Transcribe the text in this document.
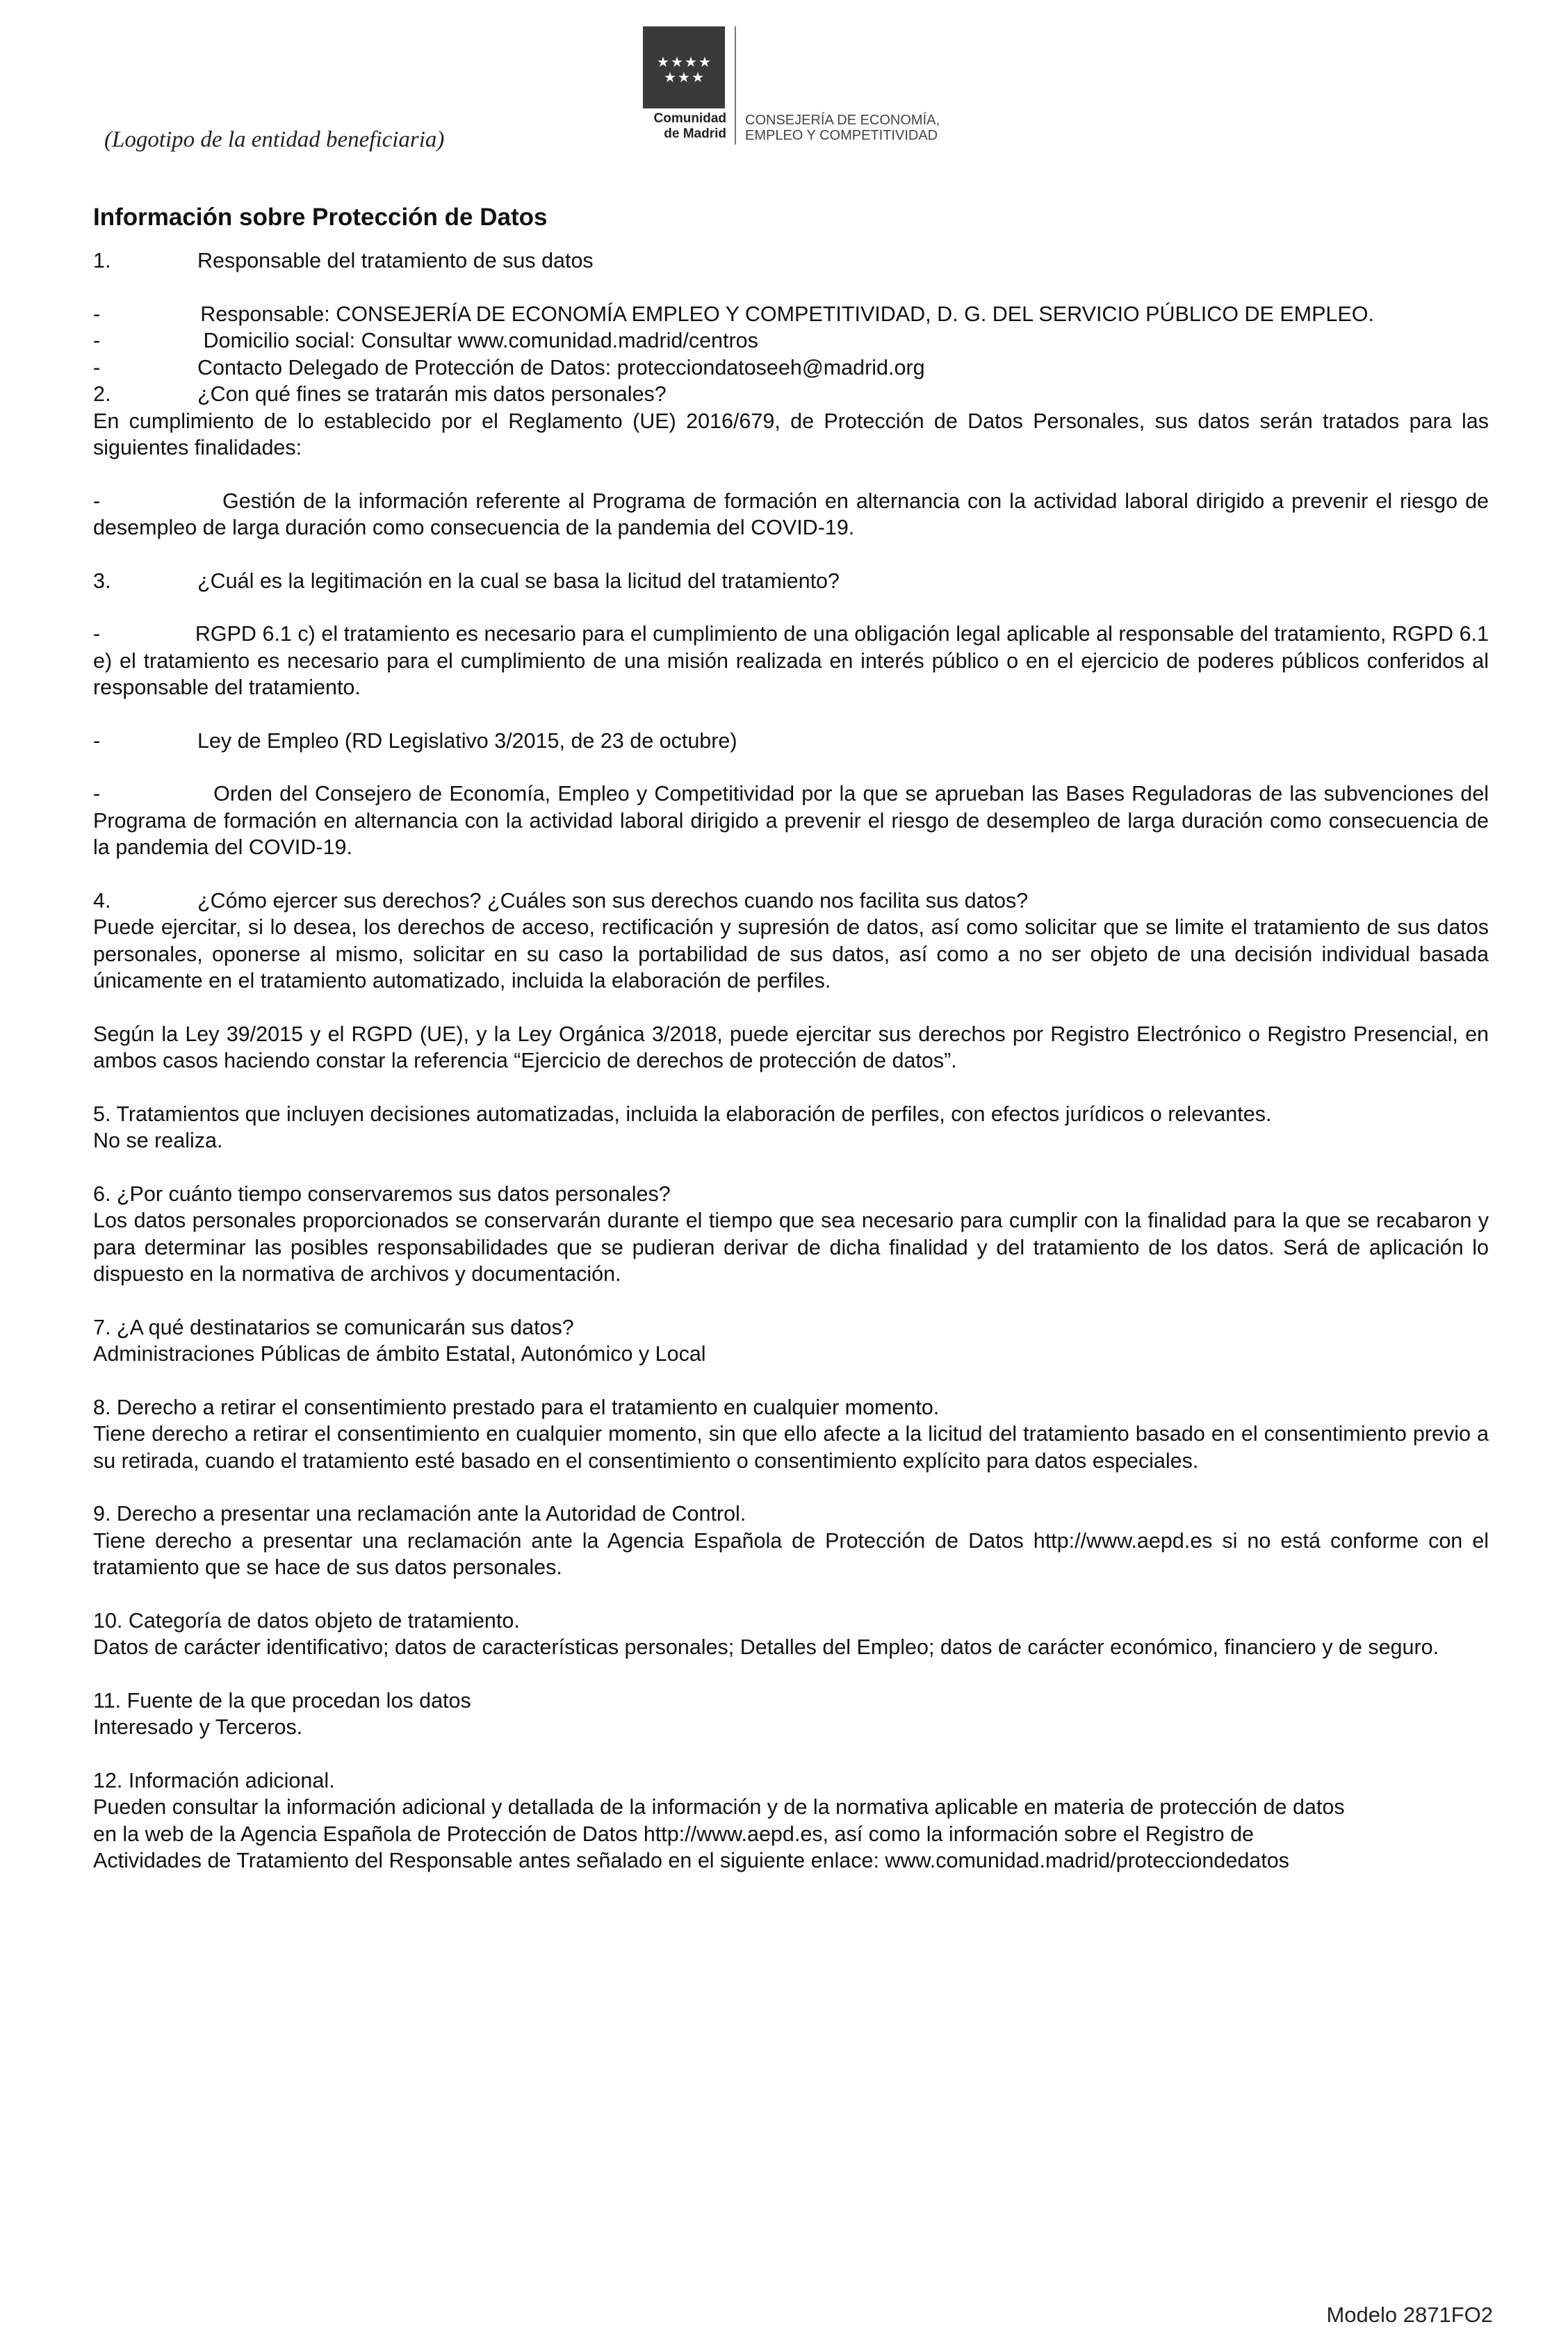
(Logotipo de la entidad beneficiaria)
★ ★ ★ ★
★ ★ ★
Comunidad
de Madrid
CONSEJERÍA DE ECONOMÍA,
EMPLEO Y COMPETITIVIDAD
Información sobre Protección de Datos
1.	Responsable del tratamiento de sus datos

-                 Responsable: CONSEJERÍA DE ECONOMÍA EMPLEO Y COMPETITIVIDAD, D. G. DEL SERVICIO PÚBLICO DE EMPLEO.

-	Domicilio social: Consultar www.comunidad.madrid/centros
-	Contacto Delegado de Protección de Datos: protecciondatoseeh@madrid.org
2.	¿Con qué fines se tratarán mis datos personales?

En cumplimiento de lo establecido por el Reglamento (UE) 2016/679, de Protección de Datos Personales, sus datos serán tratados para las siguientes finalidades:

-                Gestión de la información referente al Programa de formación en alternancia con la actividad laboral dirigido a prevenir el riesgo de desempleo de larga duración como consecuencia de la pandemia del COVID-19.

3.	¿Cuál es la legitimación en la cual se basa la licitud del tratamiento?

-                RGPD 6.1 c) el tratamiento es necesario para el cumplimiento de una obligación legal aplicable al responsable del tratamiento, RGPD 6.1 e) el tratamiento es necesario para el cumplimiento de una misión realizada en interés público o en el ejercicio de poderes públicos conferidos al responsable del tratamiento.

-	Ley de Empleo (RD Legislativo 3/2015, de 23 de octubre)

-                Orden del Consejero de Economía, Empleo y Competitividad por la que se aprueban las Bases Reguladoras de las subvenciones del Programa de formación en alternancia con la actividad laboral dirigido a prevenir el riesgo de desempleo de larga duración como consecuencia de la pandemia del COVID-19.

4.	¿Cómo ejercer sus derechos? ¿Cuáles son sus derechos cuando nos facilita sus datos?

Puede ejercitar, si lo desea, los derechos de acceso, rectificación y supresión de datos, así como solicitar que se limite el tratamiento de sus datos personales, oponerse al mismo, solicitar en su caso la portabilidad de sus datos, así como a no ser objeto de una decisión individual basada únicamente en el tratamiento automatizado, incluida la elaboración de perfiles.

Según la Ley 39/2015 y el RGPD (UE), y la Ley Orgánica 3/2018, puede ejercitar sus derechos por Registro Electrónico o Registro Presencial, en ambos casos haciendo constar la referencia “Ejercicio de derechos de protección de datos”.

5. Tratamientos que incluyen decisiones automatizadas, incluida la elaboración de perfiles, con efectos jurídicos o relevantes.

No se realiza.

6. ¿Por cuánto tiempo conservaremos sus datos personales?

Los datos personales proporcionados se conservarán durante el tiempo que sea necesario para cumplir con la finalidad para la que se recabaron y para determinar las posibles responsabilidades que se pudieran derivar de dicha finalidad y del tratamiento de los datos. Será de aplicación lo dispuesto en la normativa de archivos y documentación.

7. ¿A qué destinatarios se comunicarán sus datos?

Administraciones Públicas de ámbito Estatal, Autonómico y Local

8. Derecho a retirar el consentimiento prestado para el tratamiento en cualquier momento.

Tiene derecho a retirar el consentimiento en cualquier momento, sin que ello afecte a la licitud del tratamiento basado en el consentimiento previo a su retirada, cuando el tratamiento esté basado en el consentimiento o consentimiento explícito para datos especiales.

9. Derecho a presentar una reclamación ante la Autoridad de Control.

Tiene derecho a presentar una reclamación ante la Agencia Española de Protección de Datos http://www.aepd.es si no está conforme con el tratamiento que se hace de sus datos personales.

10. Categoría de datos objeto de tratamiento.

Datos de carácter identificativo; datos de características personales; Detalles del Empleo; datos de carácter económico, financiero y de seguro.

11. Fuente de la que procedan los datos

Interesado y Terceros.

12. Información adicional.

Pueden consultar la información adicional y detallada de la información y de la normativa aplicable en materia de protección de datos
en la web de la Agencia Española de Protección de Datos http://www.aepd.es, así como la información sobre el Registro de
Actividades de Tratamiento del Responsable antes señalado en el siguiente enlace: www.comunidad.madrid/protecciondedatos
Modelo 2871FO2
